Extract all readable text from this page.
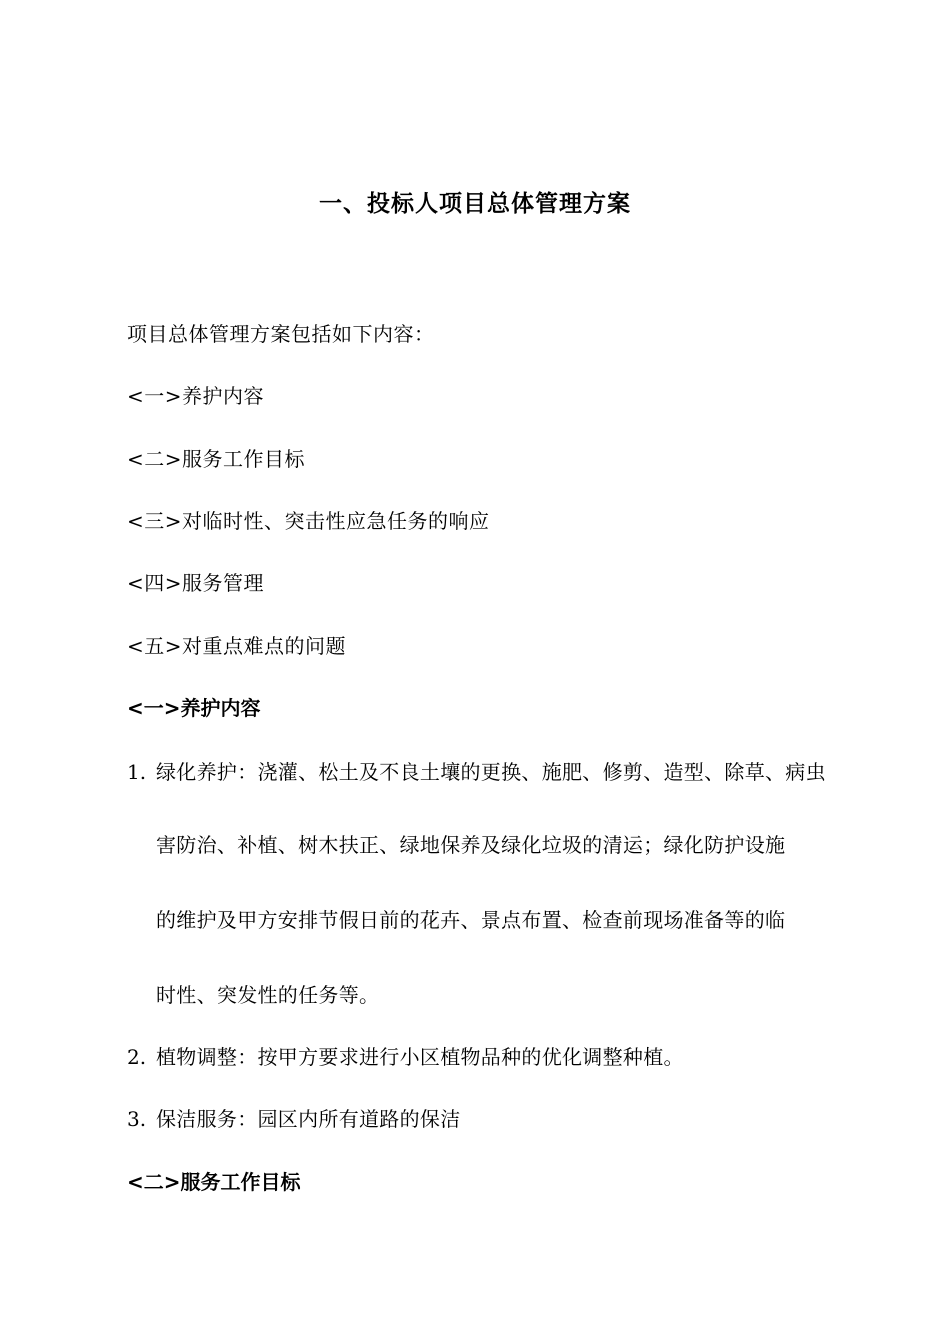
一、投标人项目总体管理方案
项目总体管理方案包括如下内容：
<一>养护内容
<二>服务工作目标
<三>对临时性、突击性应急任务的响应
<四>服务管理
<五>对重点难点的问题
<一>养护内容
1. 绿化养护：浇灌、松土及不良土壤的更换、施肥、修剪、造型、除草、病虫
害防治、补植、树木扶正、绿地保养及绿化垃圾的清运；绿化防护设施
的维护及甲方安排节假日前的花卉、景点布置、检查前现场准备等的临
时性、突发性的任务等。
2. 植物调整：按甲方要求进行小区植物品种的优化调整种植。
3. 保洁服务：园区内所有道路的保洁
<二>服务工作目标
